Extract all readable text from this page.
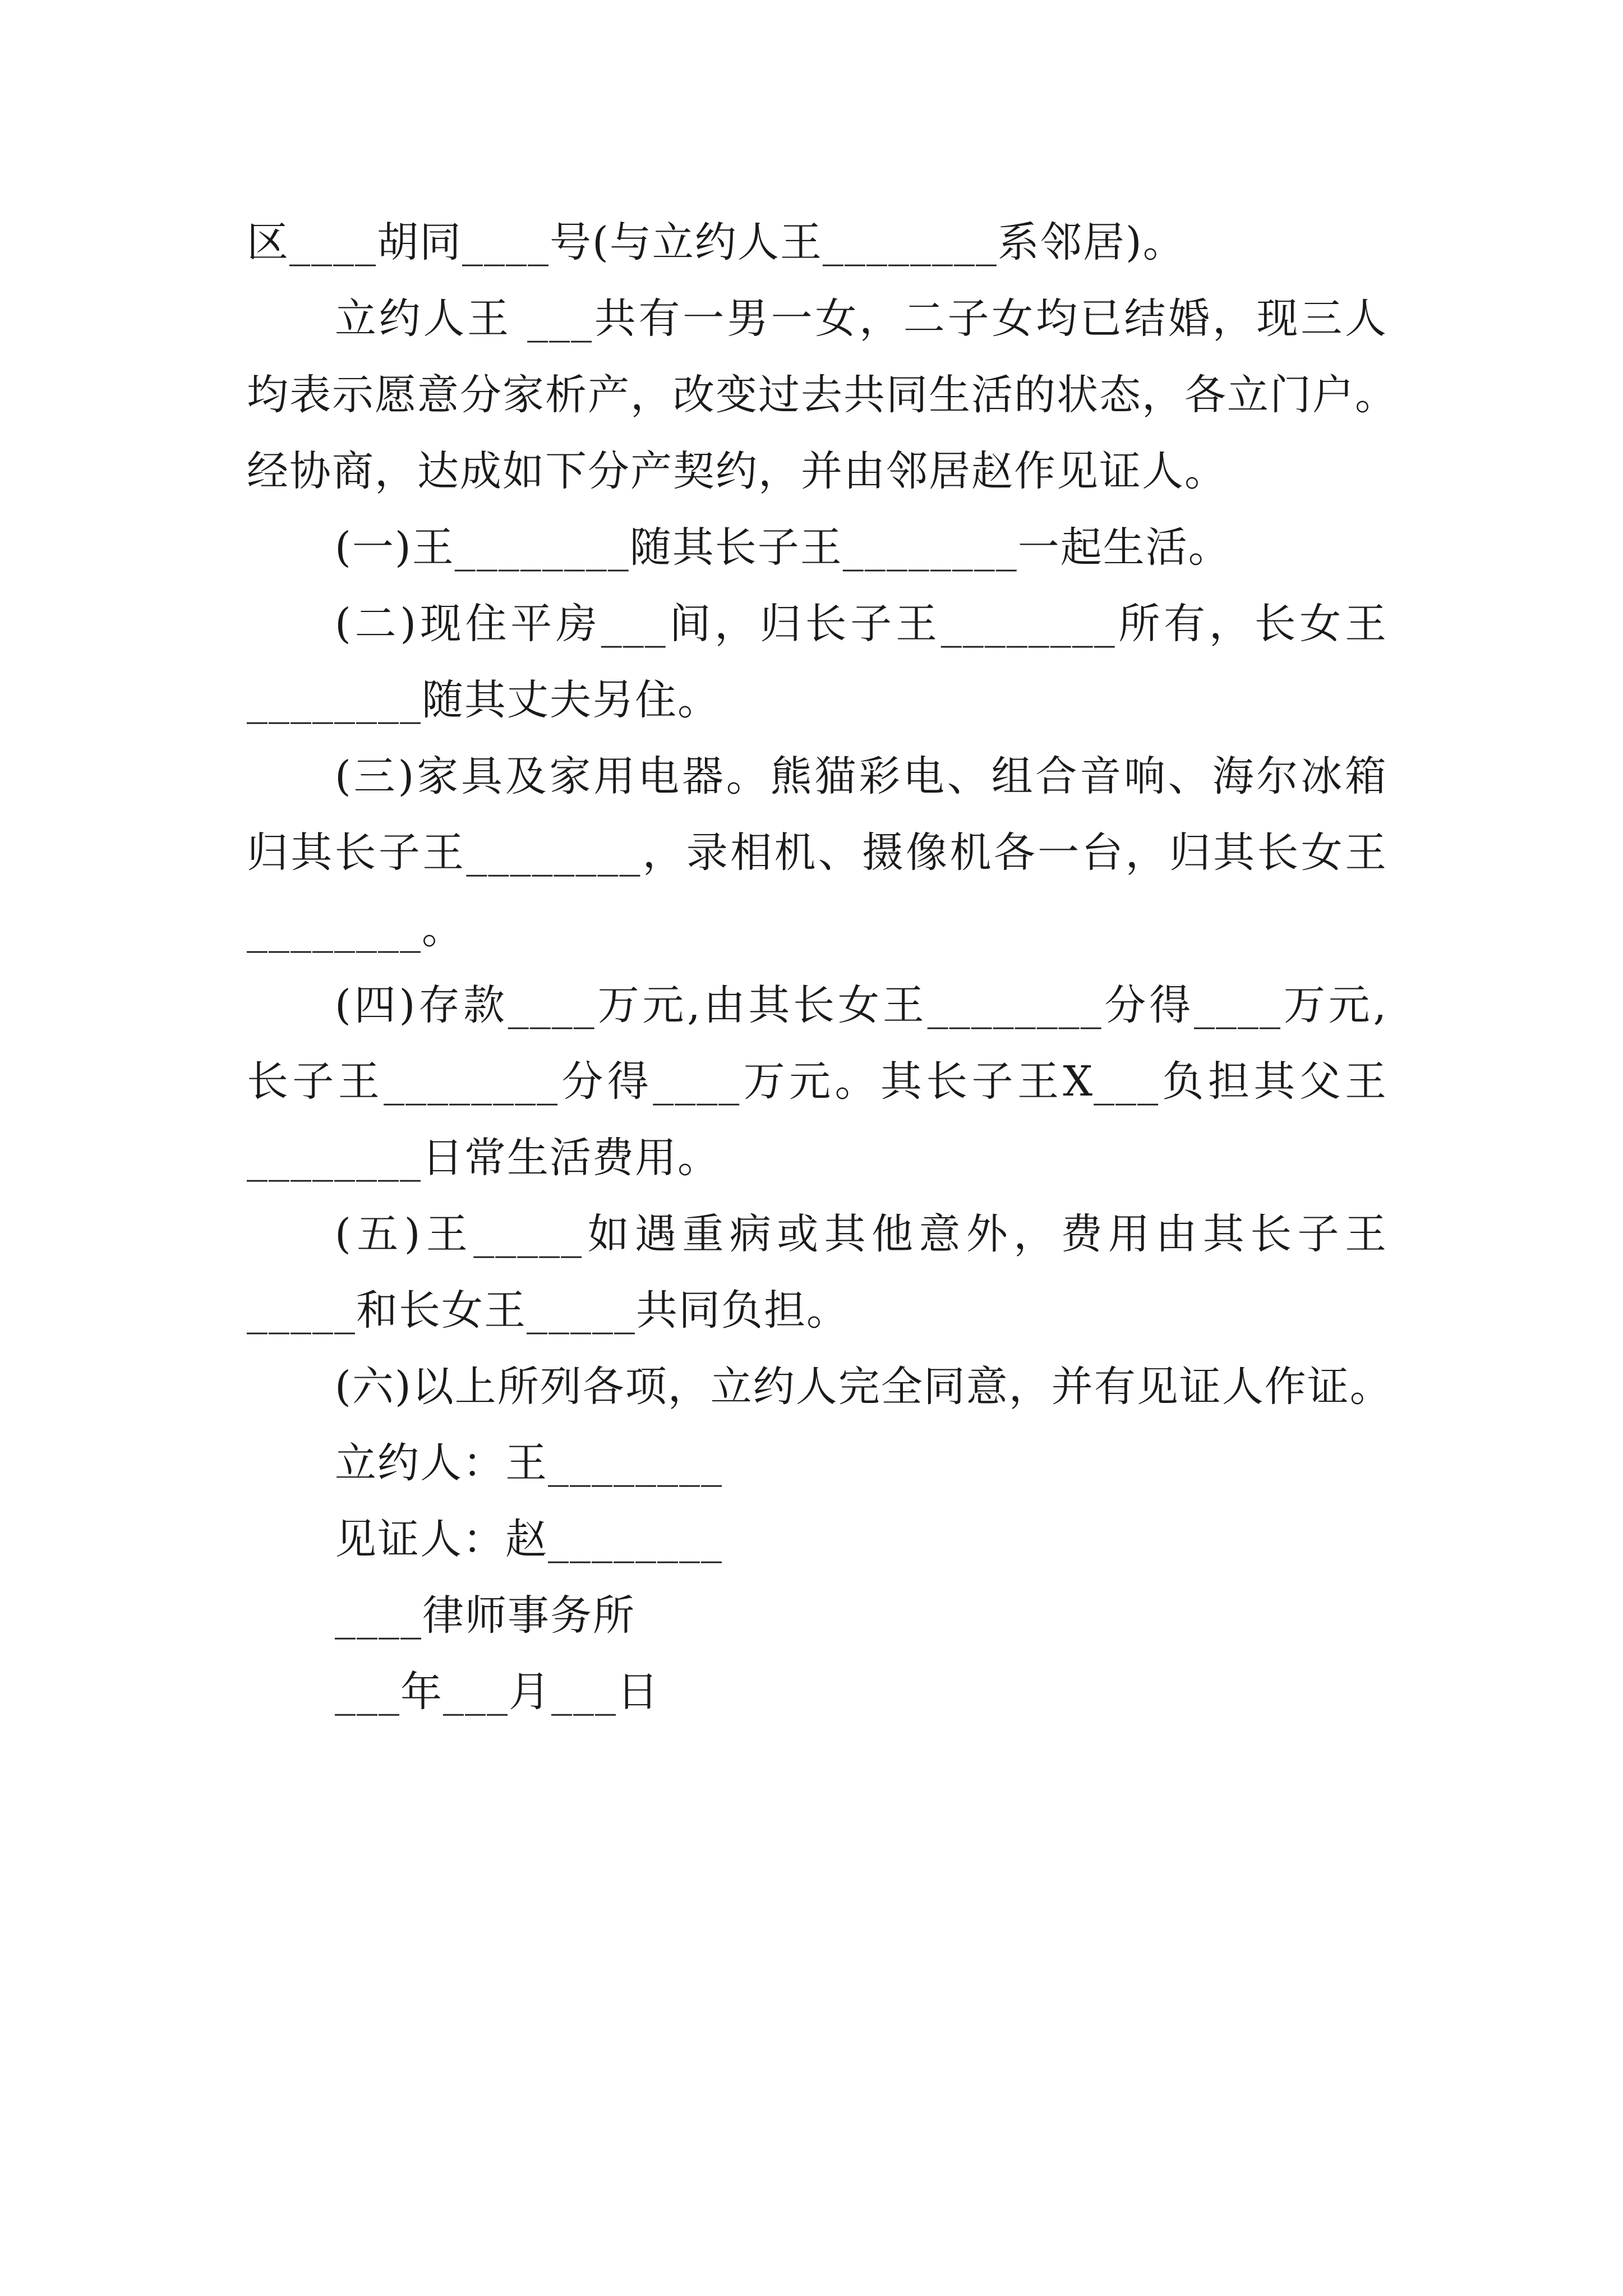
区____胡同____号(与立约人王________系邻居)。
立约人王 ___共有一男一女，二子女均已结婚，现三人
均表示愿意分家析产，改变过去共同生活的状态，各立门户。
经协商，达成如下分产契约，并由邻居赵作见证人。
(一)王________随其长子王________一起生活。
(二)现住平房___间，归长子王________所有，长女王
________随其丈夫另住。
(三)家具及家用电器。熊猫彩电、组合音响、海尔冰箱
归其长子王________，录相机、摄像机各一台，归其长女王
________。
(四)存款____万元,由其长女王________分得____万元,
长子王________分得____万元。其长子王X___负担其父王
________日常生活费用。
(五)王_____如遇重病或其他意外，费用由其长子王
_____和长女王_____共同负担。
(六)以上所列各项，立约人完全同意，并有见证人作证。
立约人：王________
见证人：赵________
____律师事务所
___年___月___日
